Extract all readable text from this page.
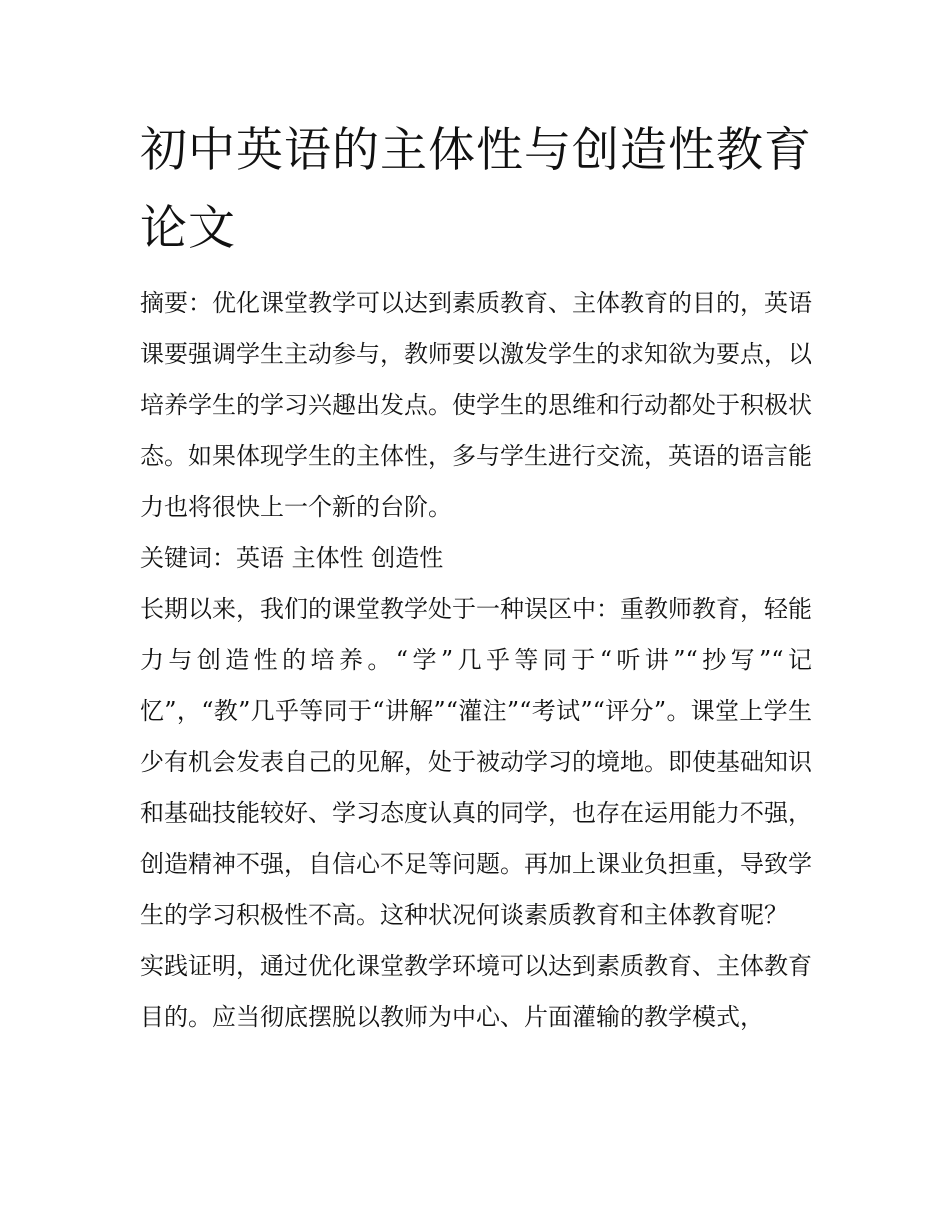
初中英语的主体性与创造性教育论文

摘要：优化课堂教学可以达到素质教育、主体教育的目的，英语课要强调学生主动参与，教师要以激发学生的求知欲为要点，以培养学生的学习兴趣出发点。使学生的思维和行动都处于积极状态。如果体现学生的主体性，多与学生进行交流，英语的语言能力也将很快上一个新的台阶。

关键词：英语 主体性 创造性

长期以来，我们的课堂教学处于一种误区中：重教师教育，轻能力与创造性的培养。“学”几乎等同于“听讲”“抄写”“记忆”，“教”几乎等同于“讲解”“灌注”“考试”“评分”。课堂上学生少有机会发表自己的见解，处于被动学习的境地。即使基础知识和基础技能较好、学习态度认真的同学，也存在运用能力不强，创造精神不强，自信心不足等问题。再加上课业负担重，导致学生的学习积极性不高。这种状况何谈素质教育和主体教育呢？

实践证明，通过优化课堂教学环境可以达到素质教育、主体教育目的。应当彻底摆脱以教师为中心、片面灌输的教学模式，
